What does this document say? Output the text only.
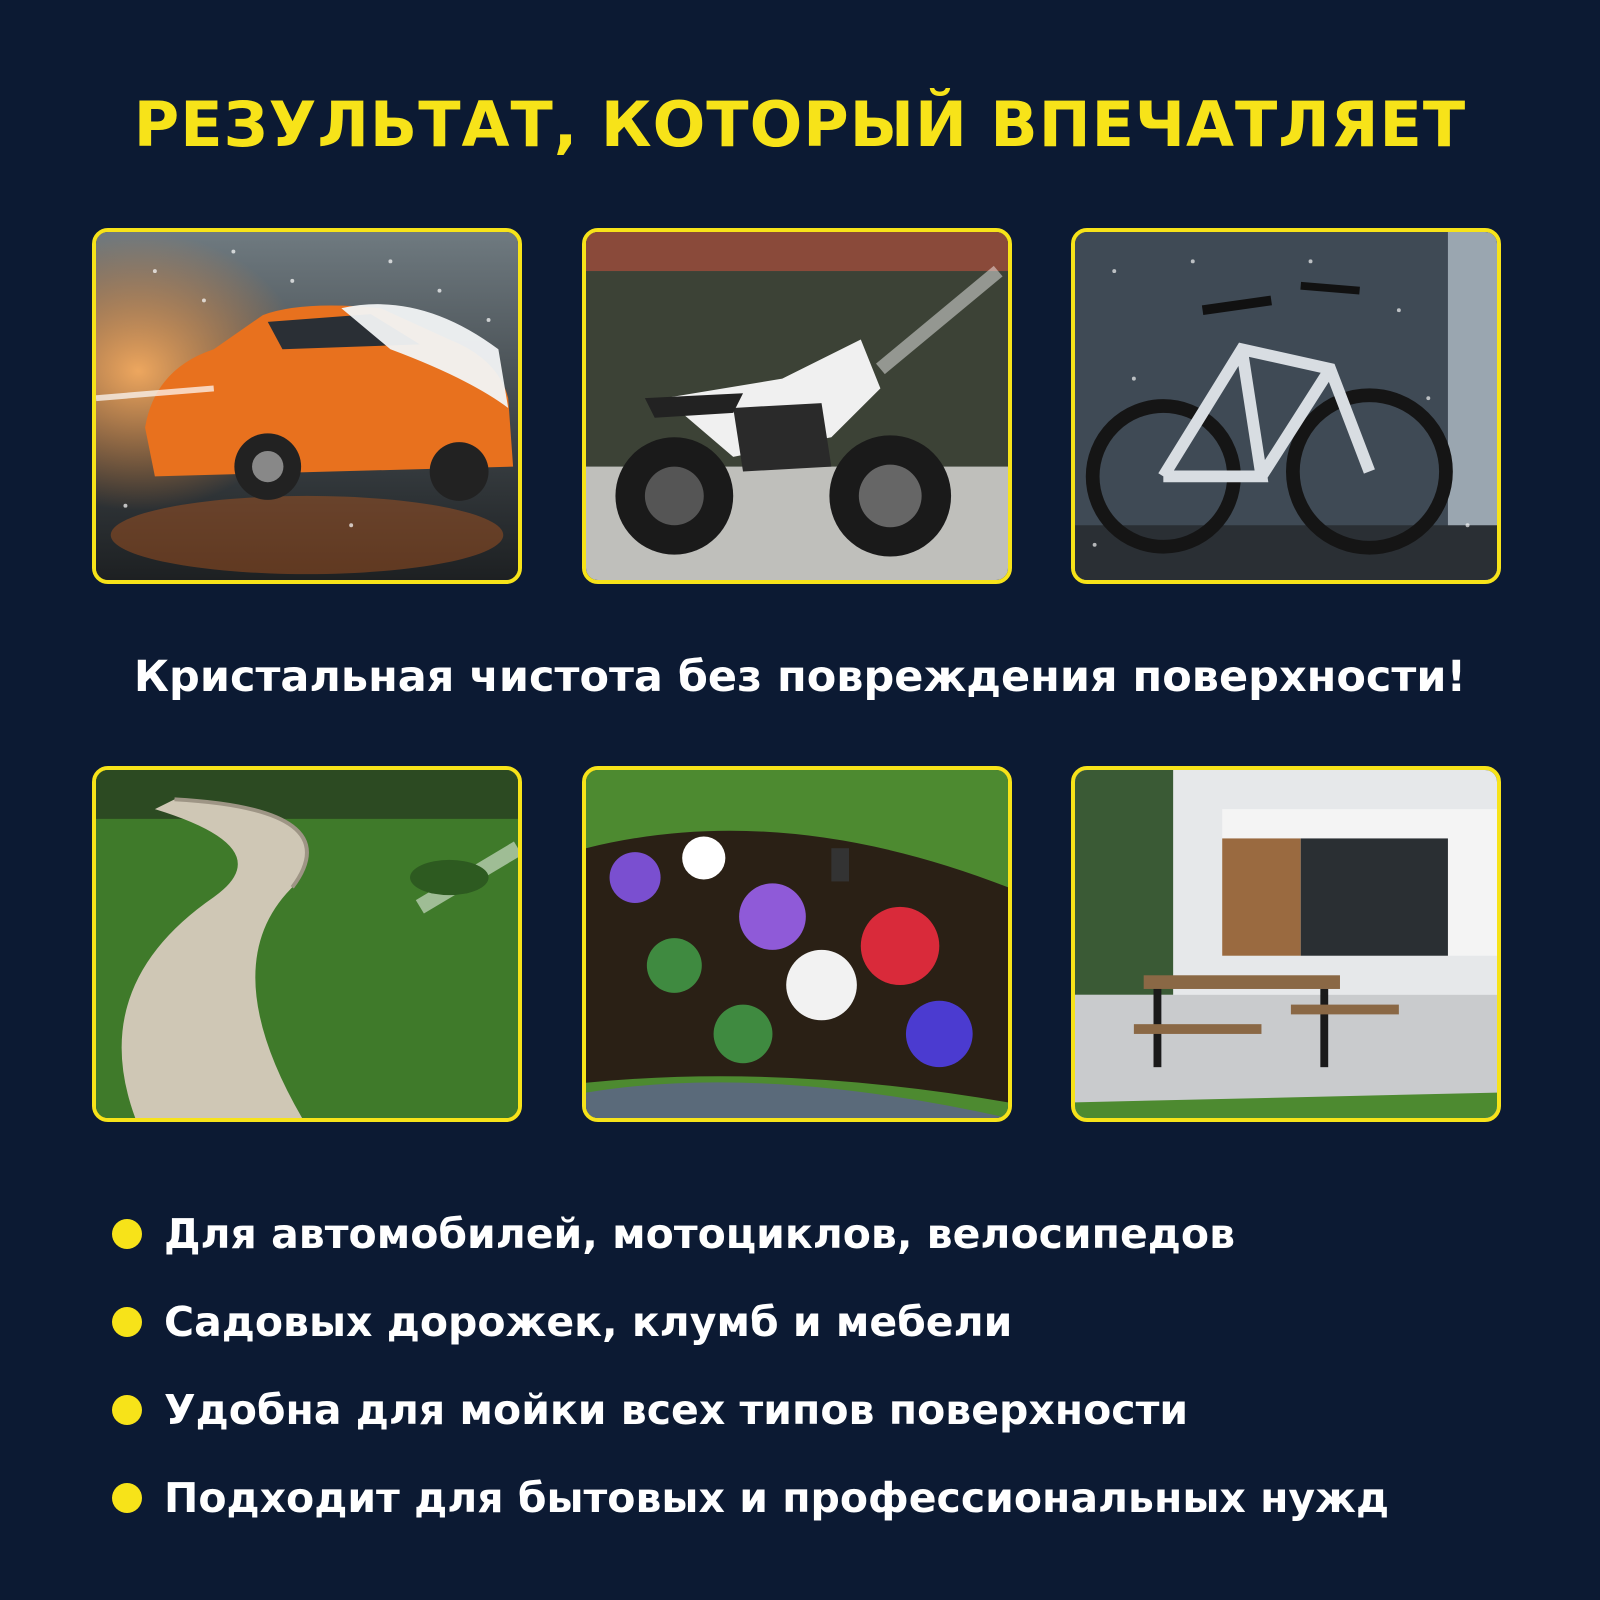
РЕЗУЛЬТАТ, КОТОРЫЙ ВПЕЧАТЛЯЕТ
Кристальная чистота без повреждения поверхности!
Для автомобилей, мотоциклов, велосипедов
Садовых дорожек, клумб и мебели
Удобна для мойки всех типов поверхности
Подходит для бытовых и профессиональных нужд
